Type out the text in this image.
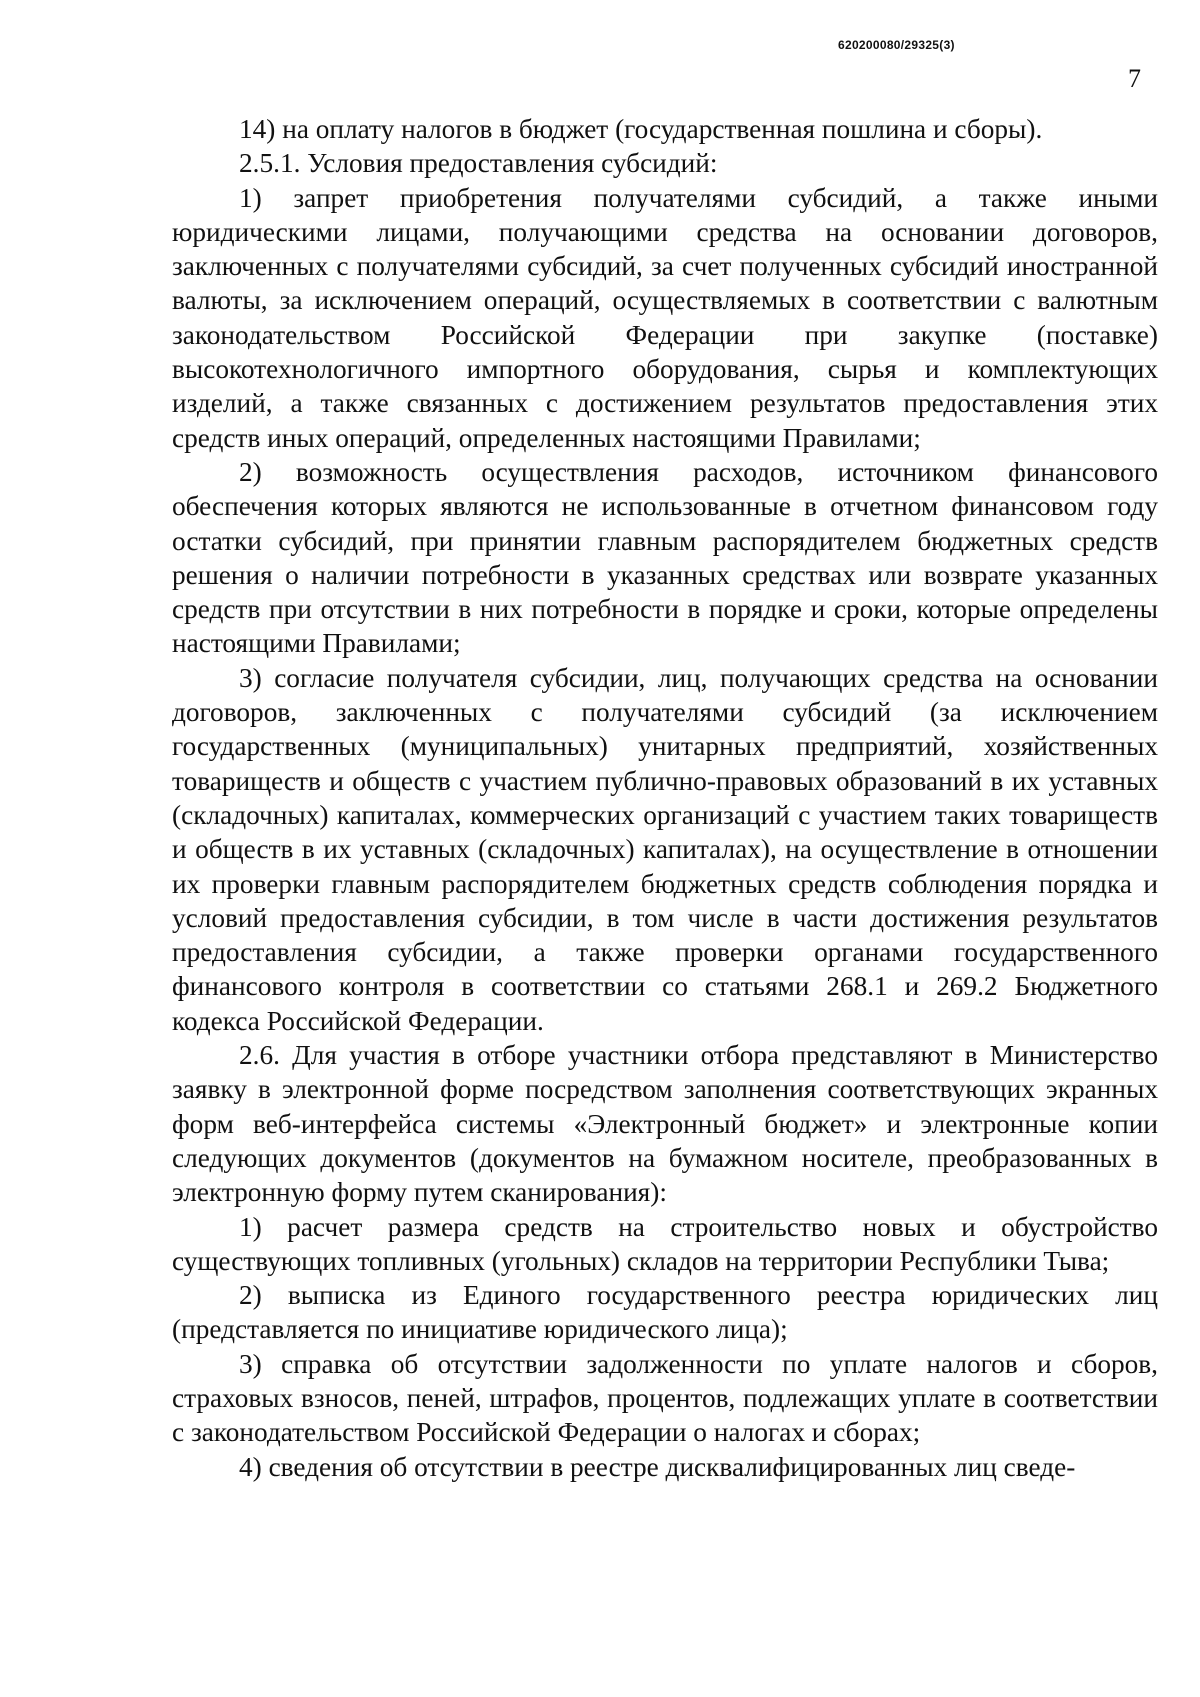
620200080/29325(3)
7

14) на оплату налогов в бюджет (государственная пошлина и сборы).

2.5.1. Условия предоставления субсидий:

1) запрет приобретения получателями субсидий, а также иными юридическими лицами, получающими средства на основании договоров, заключенных с получателями субсидий, за счет полученных субсидий иностранной валюты, за исключением операций, осуществляемых в соответствии с валютным законодательством Российской Федерации при закупке (поставке) высокотехнологичного импортного оборудования, сырья и комплектующих изделий, а также связанных с достижением результатов предоставления этих средств иных операций, определенных настоящими Правилами;

2) возможность осуществления расходов, источником финансового обеспечения которых являются не использованные в отчетном финансовом году остатки субсидий, при принятии главным распорядителем бюджетных средств решения о наличии потребности в указанных средствах или возврате указанных средств при отсутствии в них потребности в порядке и сроки, которые определены настоящими Правилами;

3) согласие получателя субсидии, лиц, получающих средства на основании договоров, заключенных с получателями субсидий (за исключением государственных (муниципальных) унитарных предприятий, хозяйственных товариществ и обществ с участием публично-правовых образований в их уставных (складочных) капиталах, коммерческих организаций с участием таких товариществ и обществ в их уставных (складочных) капиталах), на осуществление в отношении их проверки главным распорядителем бюджетных средств соблюдения порядка и условий предоставления субсидии, в том числе в части достижения результатов предоставления субсидии, а также проверки органами государственного финансового контроля в соответствии со статьями 268.1 и 269.2 Бюджетного кодекса Российской Федерации.

2.6. Для участия в отборе участники отбора представляют в Министерство заявку в электронной форме посредством заполнения соответствующих экранных форм веб-интерфейса системы «Электронный бюджет» и электронные копии следующих документов (документов на бумажном носителе, преобразованных в электронную форму путем сканирования):

1) расчет размера средств на строительство новых и обустройство существующих топливных (угольных) складов на территории Республики Тыва;

2) выписка из Единого государственного реестра юридических лиц (представляется по инициативе юридического лица);

3) справка об отсутствии задолженности по уплате налогов и сборов, страховых взносов, пеней, штрафов, процентов, подлежащих уплате в соответствии с законодательством Российской Федерации о налогах и сборах;

4) сведения об отсутствии в реестре дисквалифицированных лиц сведе-
